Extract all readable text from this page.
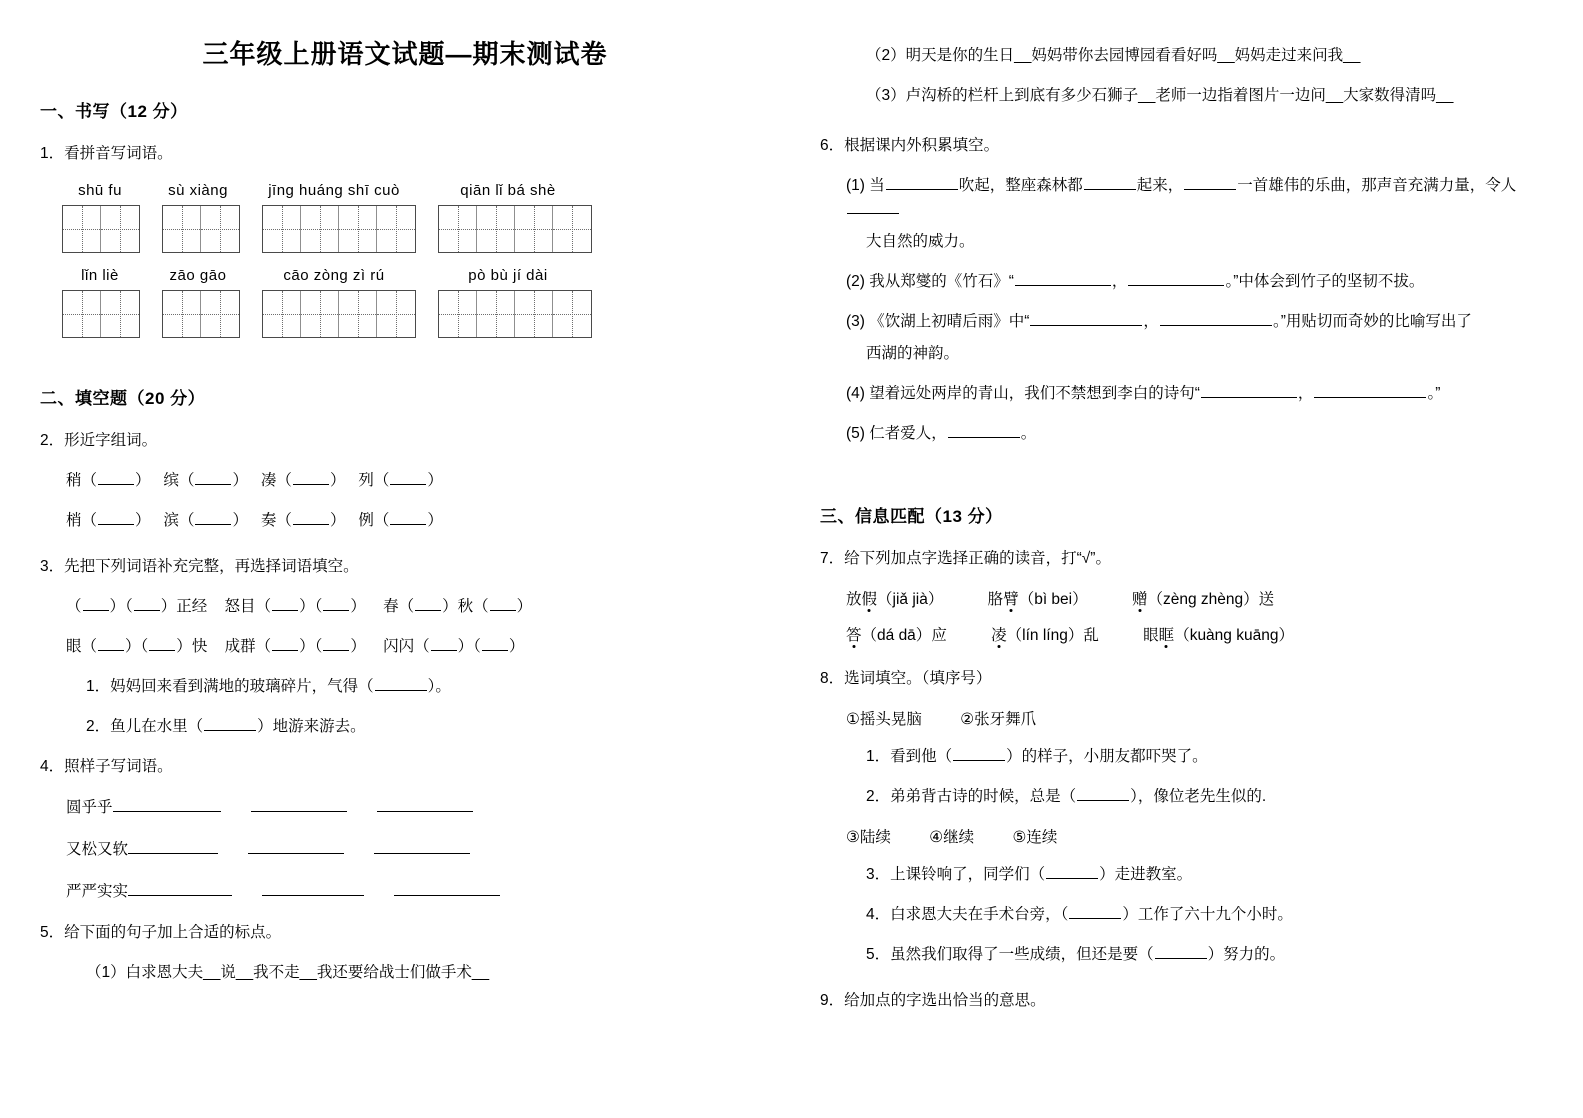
三年级上册语文试题—期末测试卷
一、书写（12 分）
1．看拼音写词语。
shū fu	sù xiàng	jīng huáng shī cuò	qiān lǐ bá shè
lǐn liè	zāo gāo	cāo zòng zì rú	pò bù jí dài
二、填空题（20 分）
2．形近字组词。
稍（ ）   缤（ ）   凑（ ）   列（ ）
梢（ ）   滨（ ）   奏（ ）   例（ ）
3．先把下列词语补充完整，再选择词语填空。
（ ）（ ）正经 怒目（ ）（ ）    春（ ）秋（ ）
眼（ ）（ ）快 成群（ ）（ ）    闪闪（ ）（ ）
1．妈妈回来看到满地的玻璃碎片，气得（	）。
2．鱼儿在水里（	）地游来游去。
4．照样子写词语。
圆乎乎
又松又软
严严实实
5．给下面的句子加上合适的标点。
（1）白求恩大夫__说__我不走__我还要给战士们做手术__
（2）明天是你的生日__妈妈带你去园博园看看好吗__妈妈走过来问我__
（3）卢沟桥的栏杆上到底有多少石狮子__老师一边指着图片一边问__大家数得清吗__
6．根据课内外积累填空。
(1) 当	吹起，整座森林都	起来，	一首雄伟的乐曲，那声音充满力量，令人
大自然的威力。
(2) 我从郑燮的《竹石》“	，	。”中体会到竹子的坚韧不拔。
(3) 《饮湖上初晴后雨》中“	，	。”用贴切而奇妙的比喻写出了
西湖的神韵。
(4) 望着远处两岸的青山，我们不禁想到李白的诗句“	，	。”
(5) 仁者爱人，	。
三、信息匹配（13 分）
7．给下列加点字选择正确的读音，打“√”。
放假（jiǎ jià）	胳臂（bì bei）	赠（zèng zhèng）送
答（dá dā）应	凌（lín líng）乱	眼眶（kuàng kuāng）
8．选词填空。（填序号）
①摇头晃脑 ②张牙舞爪
1．看到他（	）的样子，小朋友都吓哭了。
2．弟弟背古诗的时候，总是（	），像位老先生似的.
③陆续 ④继续 ⑤连续
3．上课铃响了，同学们（	）走进教室。
4．白求恩大夫在手术台旁，（	）工作了六十九个小时。
5．虽然我们取得了一些成绩，但还是要（	）努力的。
9．给加点的字选出恰当的意思。
